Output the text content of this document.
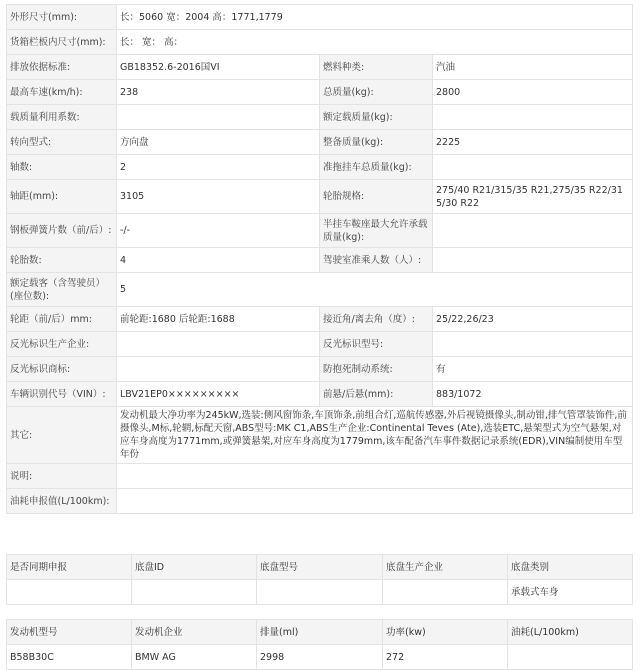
外形尺寸(mm):	长：5060 宽：2004 高：1771,1779		
货箱栏板内尺寸(mm):	长： 宽： 高：		
排放依据标准:	GB18352.6-2016国VI	燃料种类:	汽油
最高车速(km/h):	238	总质量(kg):	2800
载质量利用系数:		额定载质量(kg):	
转向型式:	方向盘	整备质量(kg):	2225
轴数:	2	准拖挂车总质量(kg):	
轴距(mm):	3105	轮胎规格:	275/40 R21/315/35 R21,275/35 R22/315/30 R22
钢板弹簧片数（前/后）:	-/-	半挂车鞍座最大允许承载质量(kg):	
轮胎数:	4	驾驶室准乘人数（人）:	
额定载客（含驾驶员）(座位数):	5		
轮距（前/后）mm:	前轮距:1680 后轮距:1688	接近角/离去角（度）:	25/22,26/23
反光标识生产企业:		反光标识型号:	
反光标识商标:		防抱死制动系统:	有
车辆识别代号（VIN）:	LBV21EP0×××××××××	前悬/后悬(mm):	883/1072
其它:	发动机最大净功率为245kW,选装:侧风窗饰条,车顶饰条,前组合灯,巡航传感器,外后视镜摄像头,制动钳,排气管罩装饰件,前摄像头,M标,轮辋,标配天窗,ABS型号:MK C1,ABS生产企业:Continental Teves (Ate),选装ETC,悬架型式为空气悬架,对应车身高度为1771mm,或弹簧悬架,对应车身高度为1779mm,该车配备汽车事件数据记录系统(EDR),VIN编制使用车型年份		
说明:			
油耗申报值(L/100km):			
是否同期申报	底盘ID	底盘型号	底盘生产企业	底盘类别
				承载式车身
发动机型号	发动机企业	排量(ml)	功率(kw)	油耗(L/100km)
B58B30C	BMW AG	2998	272	
